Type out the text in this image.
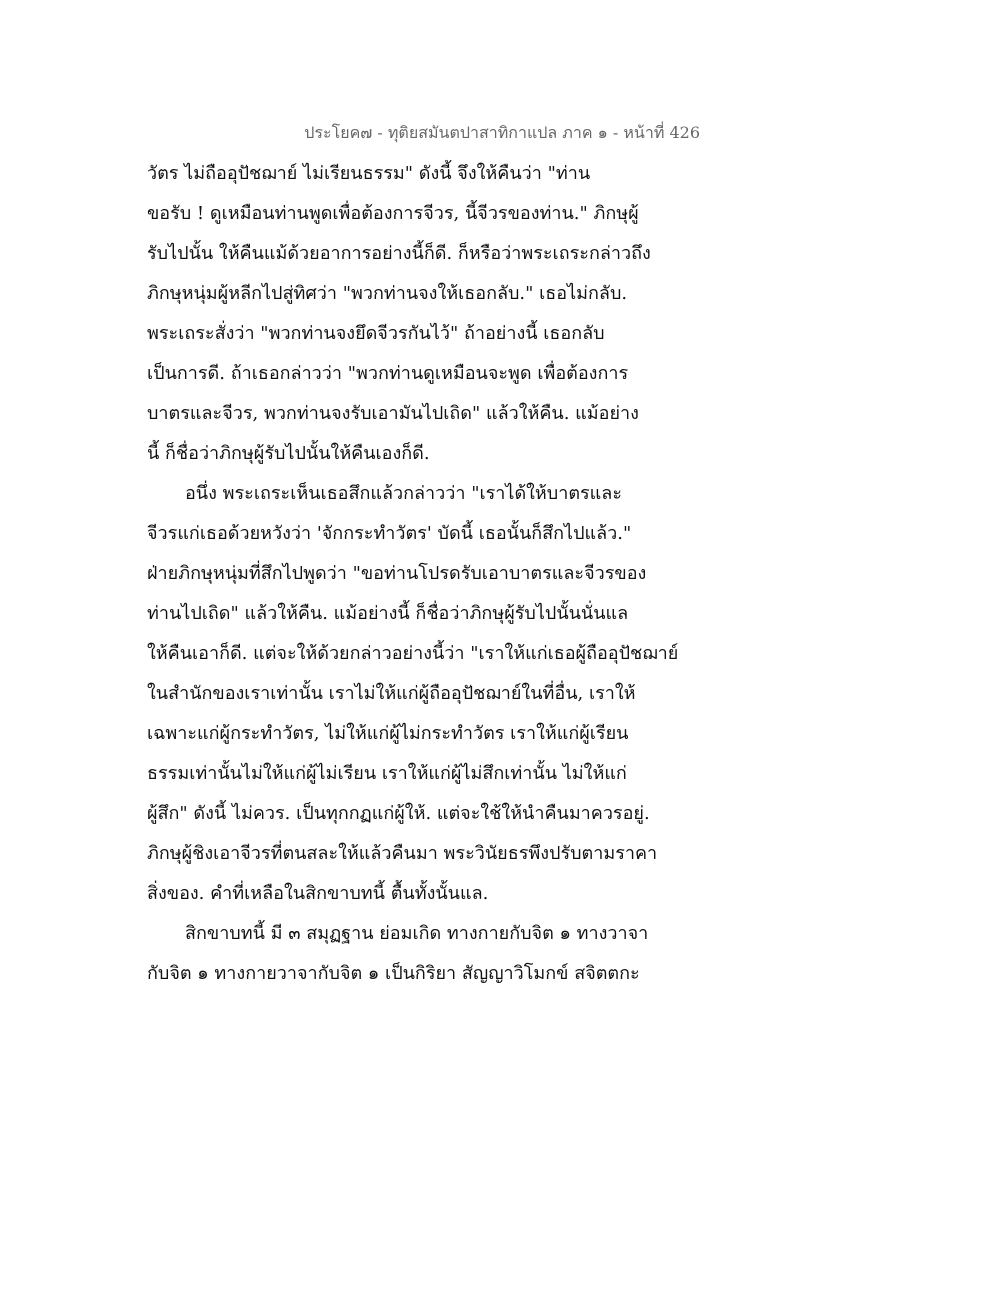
ประโยค๗ - ทุติยสมันตปาสาทิกาแปล ภาค ๑ - หน้าที่ 426
วัตร ไม่ถืออุปัชฌาย์ ไม่เรียนธรรม" ดังนี้ จึงให้คืนว่า "ท่าน
ขอรับ ! ดูเหมือนท่านพูดเพื่อต้องการจีวร, นี้จีวรของท่าน." ภิกษุผู้
รับไปนั้น ให้คืนแม้ด้วยอาการอย่างนี้ก็ดี. ก็หรือว่าพระเถระกล่าวถึง
ภิกษุหนุ่มผู้หลีกไปสู่ทิศว่า "พวกท่านจงให้เธอกลับ." เธอไม่กลับ.
พระเถระสั่งว่า "พวกท่านจงยึดจีวรกันไว้" ถ้าอย่างนี้ เธอกลับ
เป็นการดี. ถ้าเธอกล่าวว่า "พวกท่านดูเหมือนจะพูด เพื่อต้องการ
บาตรและจีวร, พวกท่านจงรับเอามันไปเถิด" แล้วให้คืน. แม้อย่าง
นี้ ก็ชื่อว่าภิกษุผู้รับไปนั้นให้คืนเองก็ดี.
อนึ่ง พระเถระเห็นเธอสึกแล้วกล่าวว่า "เราได้ให้บาตรและ
จีวรแก่เธอด้วยหวังว่า 'จักกระทำวัตร' บัดนี้ เธอนั้นก็สึกไปแล้ว."
ฝ่ายภิกษุหนุ่มที่สึกไปพูดว่า "ขอท่านโปรดรับเอาบาตรและจีวรของ
ท่านไปเถิด" แล้วให้คืน. แม้อย่างนี้ ก็ชื่อว่าภิกษุผู้รับไปนั้นนั่นแล
ให้คืนเอาก็ดี. แต่จะให้ด้วยกล่าวอย่างนี้ว่า "เราให้แก่เธอผู้ถืออุปัชฌาย์
ในสำนักของเราเท่านั้น เราไม่ให้แก่ผู้ถืออุปัชฌาย์ในที่อื่น, เราให้
เฉพาะแก่ผู้กระทำวัตร, ไม่ให้แก่ผู้ไม่กระทำวัตร เราให้แก่ผู้เรียน
ธรรมเท่านั้นไม่ให้แก่ผู้ไม่เรียน เราให้แก่ผู้ไม่สึกเท่านั้น ไม่ให้แก่
ผู้สึก" ดังนี้ ไม่ควร. เป็นทุกกฏแก่ผู้ให้. แต่จะใช้ให้นำคืนมาควรอยู่.
ภิกษุผู้ชิงเอาจีวรที่ตนสละให้แล้วคืนมา พระวินัยธรพึงปรับตามราคา
สิ่งของ. คำที่เหลือในสิกขาบทนี้ ตื้นทั้งนั้นแล.
สิกขาบทนี้ มี ๓ สมุฏฐาน ย่อมเกิด ทางกายกับจิต ๑ ทางวาจา
กับจิต ๑ ทางกายวาจากับจิต ๑ เป็นกิริยา สัญญาวิโมกข์ สจิตตกะ
